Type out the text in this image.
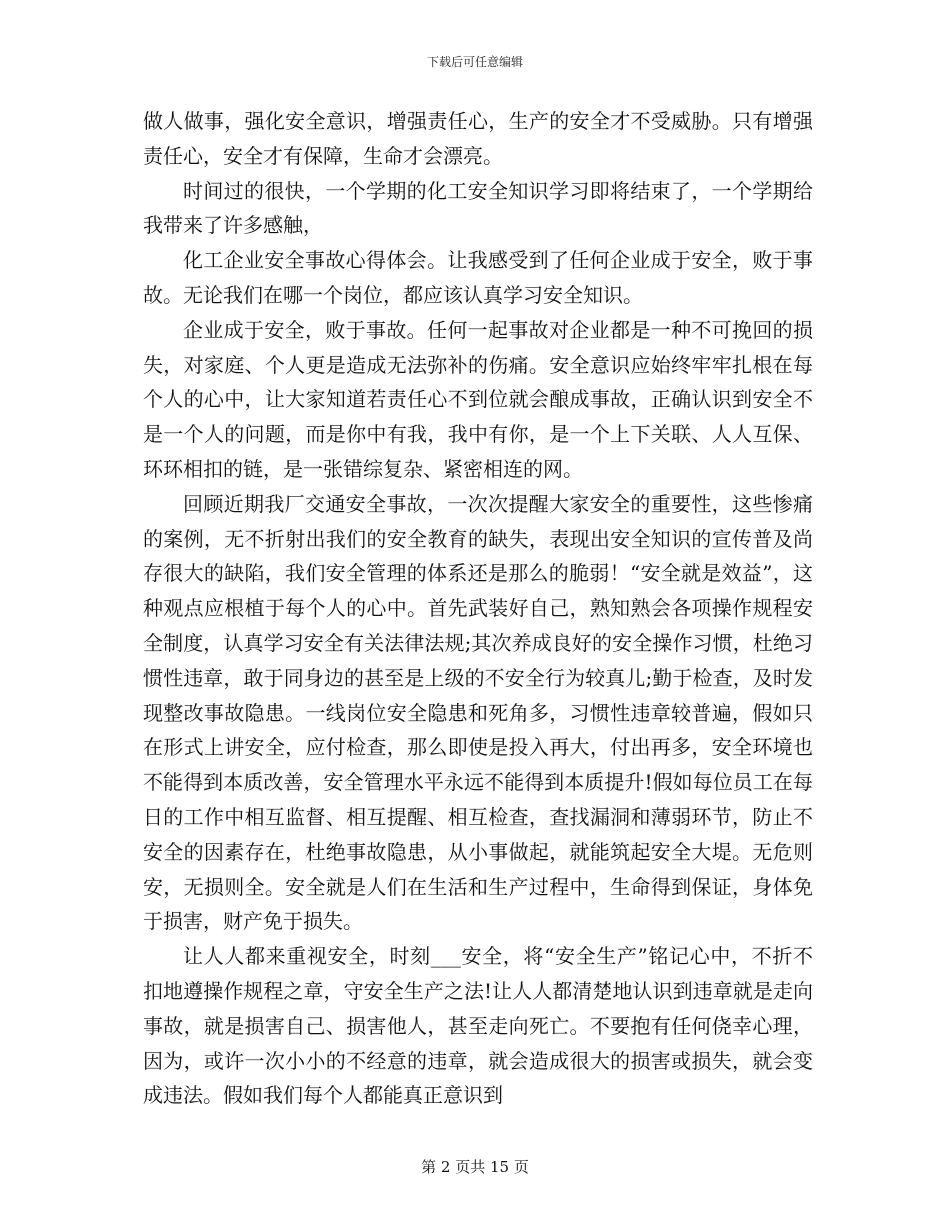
下载后可任意编辑

做人做事，强化安全意识，增强责任心，生产的安全才不受威胁。只有增强责任心，安全才有保障，生命才会漂亮。

时间过的很快，一个学期的化工安全知识学习即将结束了，一个学期给我带来了许多感触，

化工企业安全事故心得体会。让我感受到了任何企业成于安全，败于事故。无论我们在哪一个岗位，都应该认真学习安全知识。

企业成于安全，败于事故。任何一起事故对企业都是一种不可挽回的损失，对家庭、个人更是造成无法弥补的伤痛。安全意识应始终牢牢扎根在每个人的心中，让大家知道若责任心不到位就会酿成事故，正确认识到安全不是一个人的问题，而是你中有我，我中有你，是一个上下关联、人人互保、环环相扣的链，是一张错综复杂、紧密相连的网。

回顾近期我厂交通安全事故，一次次提醒大家安全的重要性，这些惨痛的案例，无不折射出我们的安全教育的缺失，表现出安全知识的宣传普及尚存很大的缺陷，我们安全管理的体系还是那么的脆弱！“安全就是效益”，这种观点应根植于每个人的心中。首先武装好自己，熟知熟会各项操作规程安全制度，认真学习安全有关法律法规;其次养成良好的安全操作习惯，杜绝习惯性违章，敢于同身边的甚至是上级的不安全行为较真儿;勤于检查，及时发现整改事故隐患。一线岗位安全隐患和死角多，习惯性违章较普遍，假如只在形式上讲安全，应付检查，那么即使是投入再大，付出再多，安全环境也不能得到本质改善，安全管理水平永远不能得到本质提升!假如每位员工在每日的工作中相互监督、相互提醒、相互检查，查找漏洞和薄弱环节，防止不安全的因素存在，杜绝事故隐患，从小事做起，就能筑起安全大堤。无危则安，无损则全。安全就是人们在生活和生产过程中，生命得到保证，身体免于损害，财产免于损失。

让人人都来重视安全，时刻___安全，将“安全生产”铭记心中，不折不扣地遵操作规程之章，守安全生产之法!让人人都清楚地认识到违章就是走向事故，就是损害自己、损害他人，甚至走向死亡。不要抱有任何侥幸心理，因为，或许一次小小的不经意的违章，就会造成很大的损害或损失，就会变成违法。假如我们每个人都能真正意识到

第 2 页共 15 页
